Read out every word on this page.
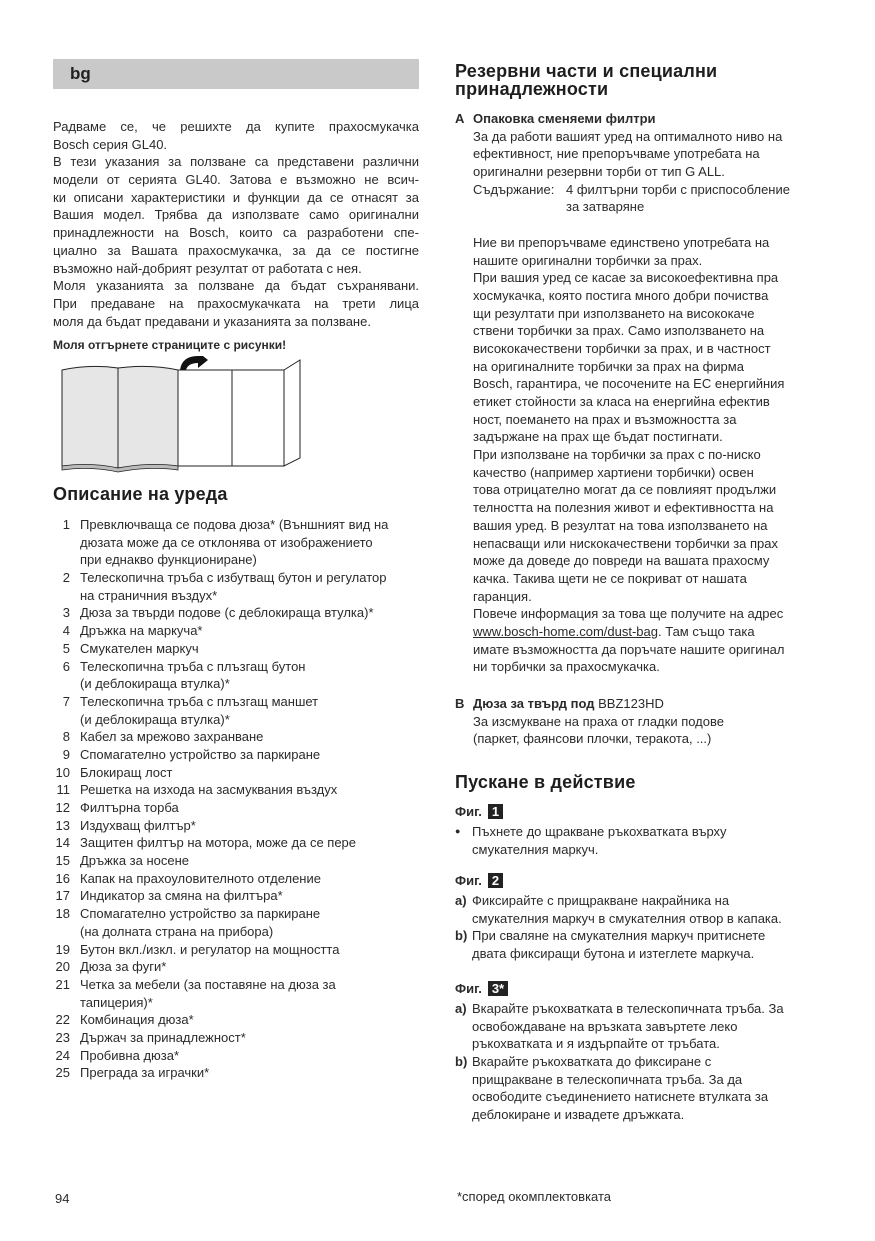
bg
Радваме се, че решихте да купите прахосмукачка
Bosch серия GL40.
В тези указания за ползване са представени различни
модели от серията GL40. Затова е възможно не всич-
ки описани характеристики и функции да се отнасят за
Вашия модел. Трябва да използвате само оригинални
принадлежности на Bosch, които са разработени спе-
циално за Вашата прахосмукачка, за да се постигне
възможно най-добрият резултат от работата с нея.
Моля указанията за ползване да бъдат съхранявани.
При предаване на прахосмукачката на трети лица
моля да бъдат предавани и указанията за ползване.
Моля отгърнете страниците с рисунки!
Описание на уреда
1 Превключваща се подова дюза* (Външният вид на
дюзата може да се отклонява от изображението
при еднакво функциониране)
2 Телескопична тръба с избутващ бутон и регулатор
на страничния въздух*
3 Дюза за твърди подове (с деблокираща втулка)*
4 Дръжка на маркуча*
5 Смукателен маркуч
6 Телескопична тръба с плъзгащ бутон
(и деблокираща втулка)*
7 Телескопична тръба с плъзгащ маншет
(и деблокираща втулка)*
8 Кабел за мрежово захранване
9 Спомагателно устройство за паркиране
10 Блокиращ лост
11 Решетка на изхода на засмуквания въздух
12 Филтърна торба
13 Издухващ филтър*
14 Защитен филтър на мотора, може да се пере
15 Дръжка за носене
16 Капак на прахоуловителното отделение
17 Индикатор за смяна на филтъра*
18 Спомагателно устройство за паркиране
(на долната страна на прибора)
19 Бутон вкл./изкл. и регулатор на мощността
20 Дюза за фуги*
21 Четка за мебели (за поставяне на дюза за
тапицерия)*
22 Комбинация дюза*
23 Държач за принадлежност*
24 Пробивна дюза*
25 Преграда за играчки*
Резервни части и специални
принадлежности
A Опаковка сменяеми филтри
За да работи вашият уред на оптималното ниво на
ефективност, ние препоръчваме употребата на
оригинални резервни торби от тип G ALL.
Съдържание: 4 филтърни торби с приспособление
за затваряне
Ние ви препоръчваме единствено употребата на
нашите оригинални торбички за прах.
При вашия уред се касае за високоефективна пра
хосмукачка, която постига много добри почиства
щи резултати при използването на висококаче
ствени торбички за прах. Само използването на
висококачествени торбички за прах, и в частност
на оригиналните торбички за прах на фирма
Bosch, гарантира, че посочените на ЕС енергийния
етикет стойности за класа на енергийна ефектив
ност, поемането на прах и възможността за
задържане на прах ще бъдат постигнати.
При използване на торбички за прах с по-ниско
качество (например хартиени торбички) освен
това отрицателно могат да се повлияят продължи
телността на полезния живот и ефективността на
вашия уред. В резултат на това използването на
непасващи или нискокачествени торбички за прах
може да доведе до повреди на вашата прахосму
качка. Такива щети не се покриват от нашата
гаранция.
Повече информация за това ще получите на адрес
www.bosch-home.com/dust-bag. Там също така
имате възможността да поръчате нашите оригинал
ни торбички за прахосмукачка.
B Дюза за твърд под BBZ123HD
За изсмукване на праха от гладки подове
(паркет, фаянсови плочки, теракота, ...)
Пускане в действие
Фиг. 1
● Пъхнете до щракване ръкохватката върху
смукателния маркуч.
Фиг. 2
a) Фиксирайте с прищракване накрайника на
смукателния маркуч в смукателния отвор в капака.
b) При сваляне на смукателния маркуч притиснете
двата фиксиращи бутона и изтеглете маркуча.
Фиг. 3*
a) Вкарайте ръкохватката в телескопичната тръба. За
освобождаване на връзката завъртете леко
ръкохватката и я издърпайте от тръбата.
b) Вкарайте ръкохватката до фиксиране с
прищракване в телескопичната тръба. За да
освободите съединението натиснете втулката за
деблокиране и извадете дръжката.
94	*според окомплектовката
